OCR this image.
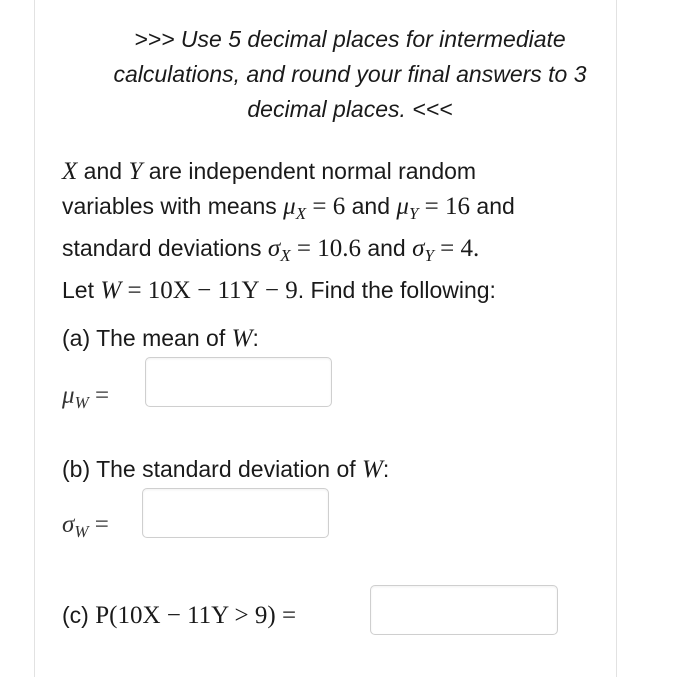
>>> Use 5 decimal places for intermediate
calculations, and round your final answers to 3
decimal places. <<<
X and Y are independent normal random
variables with means $\mu_X = 6$ and $\mu_Y = 16$ and
standard deviations $\sigma_X = 10.6$ and $\sigma_Y = 4$.
Let W = 10X − 11Y − 9. Find the following:
(a) The mean of W:
$\mu_W$ =
(b) The standard deviation of W:
$\sigma_W$ =
(c) P(10X − 11Y > 9) =
